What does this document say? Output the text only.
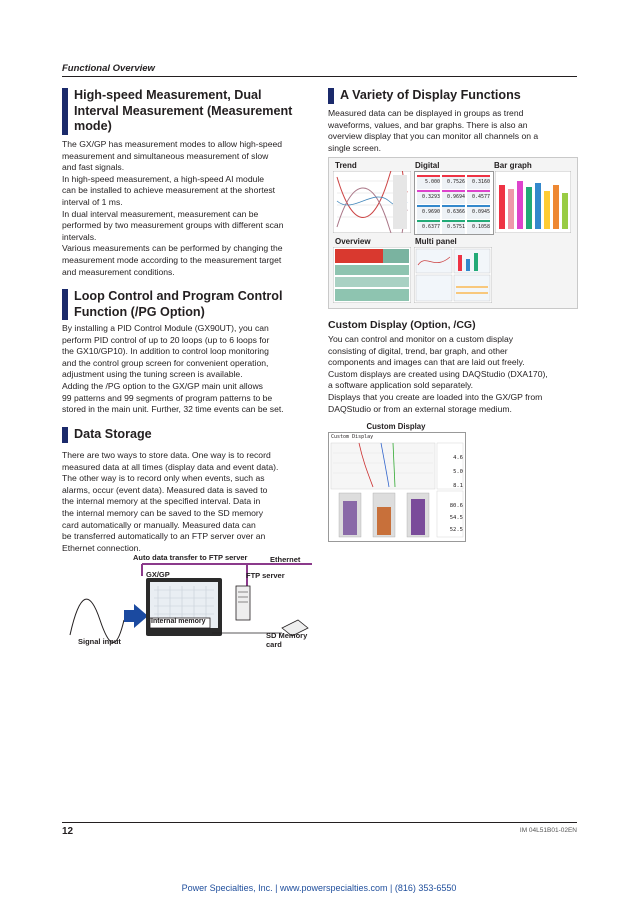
Functional Overview
High-speed Measurement, Dual
Interval Measurement (Measurement
mode)
The GX/GP has measurement modes to allow high-speed
measurement and simultaneous measurement of slow
and fast signals.
In high-speed measurement, a high-speed AI module
can be installed to achieve measurement at the shortest
interval of 1 ms.
In dual interval measurement, measurement can be
performed by two measurement groups with different scan
intervals.
Various measurements can be performed by changing the
measurement mode according to the measurement target
and measurement conditions.
Loop Control and Program Control
Function (/PG Option)
By installing a PID Control Module (GX90UT), you can
perform PID control of up to 20 loops (up to 6 loops for
the GX10/GP10). In addition to control loop monitoring
and the control group screen for convenient operation,
adjustment using the tuning screen is available.
Adding the /PG option to the GX/GP main unit allows
99 patterns and 99 segments of program patterns to be
stored in the main unit. Further, 32 time events can be set.
Data Storage
There are two ways to store data. One way is to record
measured data at all times (display data and event data).
The other way is to record only when events, such as
alarms, occur (event data). Measured data is saved to
the internal memory at the specified interval. Data in
the internal memory can be saved to the SD memory
card automatically or manually. Measured data can
be transferred automatically to an FTP server over an
Ethernet connection.
Auto data transfer to FTP server	Ethernet
GX/GP	FTP server
Internal memory
Signal input
SD Memory
card
A Variety of Display Functions
Measured data can be displayed in groups as trend
waveforms, values, and bar graphs. There is also an
overview display that you can monitor all channels on a
single screen.
Trend	Digital	Bar graph
5.000	0.7526	0.3160
0.3293	0.9694	0.4577
0.9690	0.6366	0.0945
0.6377	0.5751	0.1058
Overview	Multi panel
Custom Display (Option, /CG)
You can control and monitor on a custom display
consisting of digital, trend, bar graph, and other
components and images can that are laid out freely.
Custom displays are created using DAQStudio (DXA170),
a software application sold separately.
Displays that you create are loaded into the GX/GP from
DAQStudio or from an external storage medium.
Custom Display
Custom Display
4.6
5.0
8.1
80.6
54.5
52.5
12	IM 04L51B01-02EN
Power Specialties, Inc. | www.powerspecialties.com | (816) 353-6550
